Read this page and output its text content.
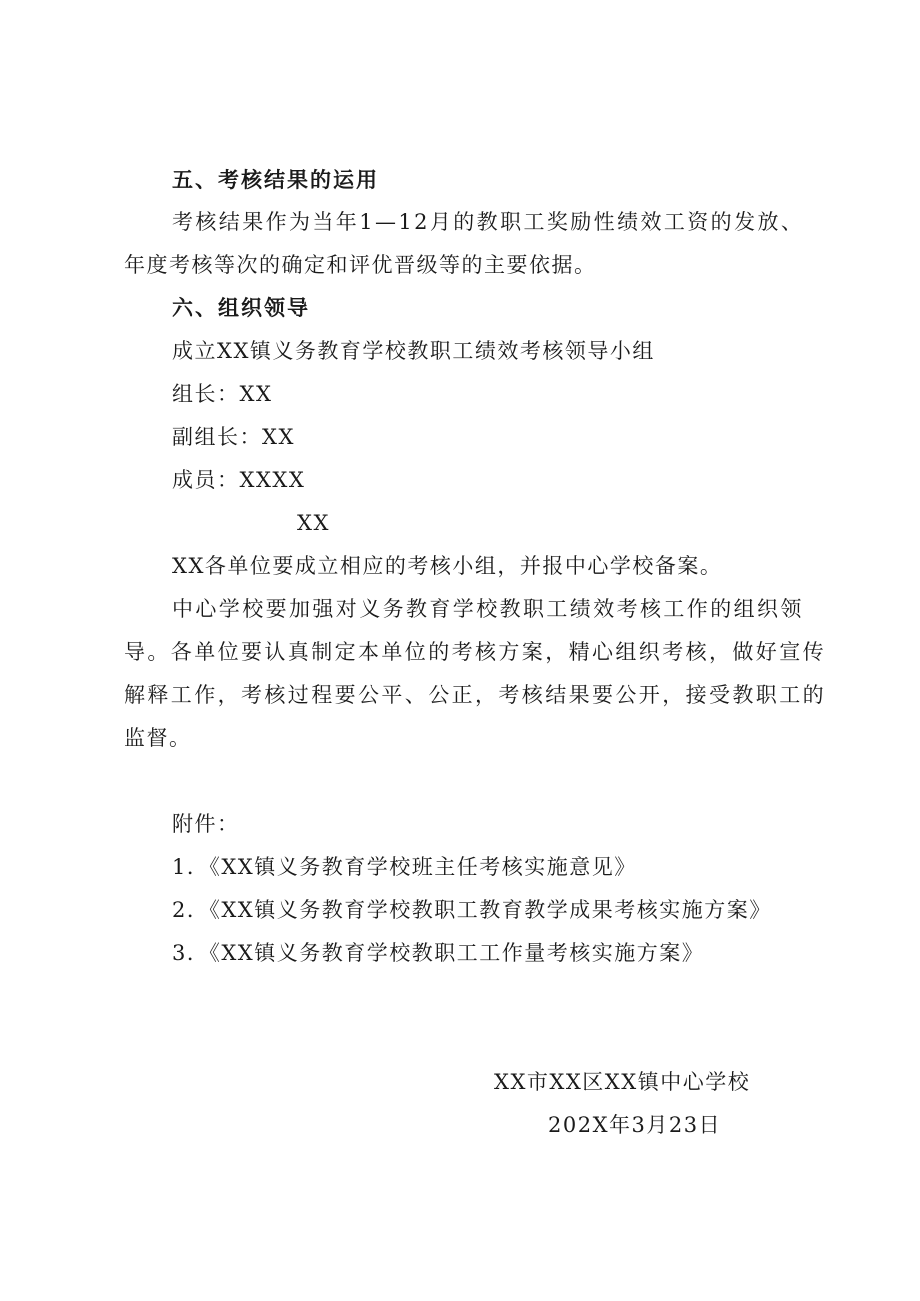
五、考核结果的运用
考核结果作为当年1—12月的教职工奖励性绩效工资的发放、
年度考核等次的确定和评优晋级等的主要依据。
六、组织领导
成立XX镇义务教育学校教职工绩效考核领导小组
组长：XX
副组长：XX
成员：XXXX
XX
XX各单位要成立相应的考核小组，并报中心学校备案。
中心学校要加强对义务教育学校教职工绩效考核工作的组织领
导。各单位要认真制定本单位的考核方案，精心组织考核，做好宣传
解释工作，考核过程要公平、公正，考核结果要公开，接受教职工的
监督。
附件：
1．《XX镇义务教育学校班主任考核实施意见》
2．《XX镇义务教育学校教职工教育教学成果考核实施方案》
3．《XX镇义务教育学校教职工工作量考核实施方案》
XX市XX区XX镇中心学校
202X年3月23日
